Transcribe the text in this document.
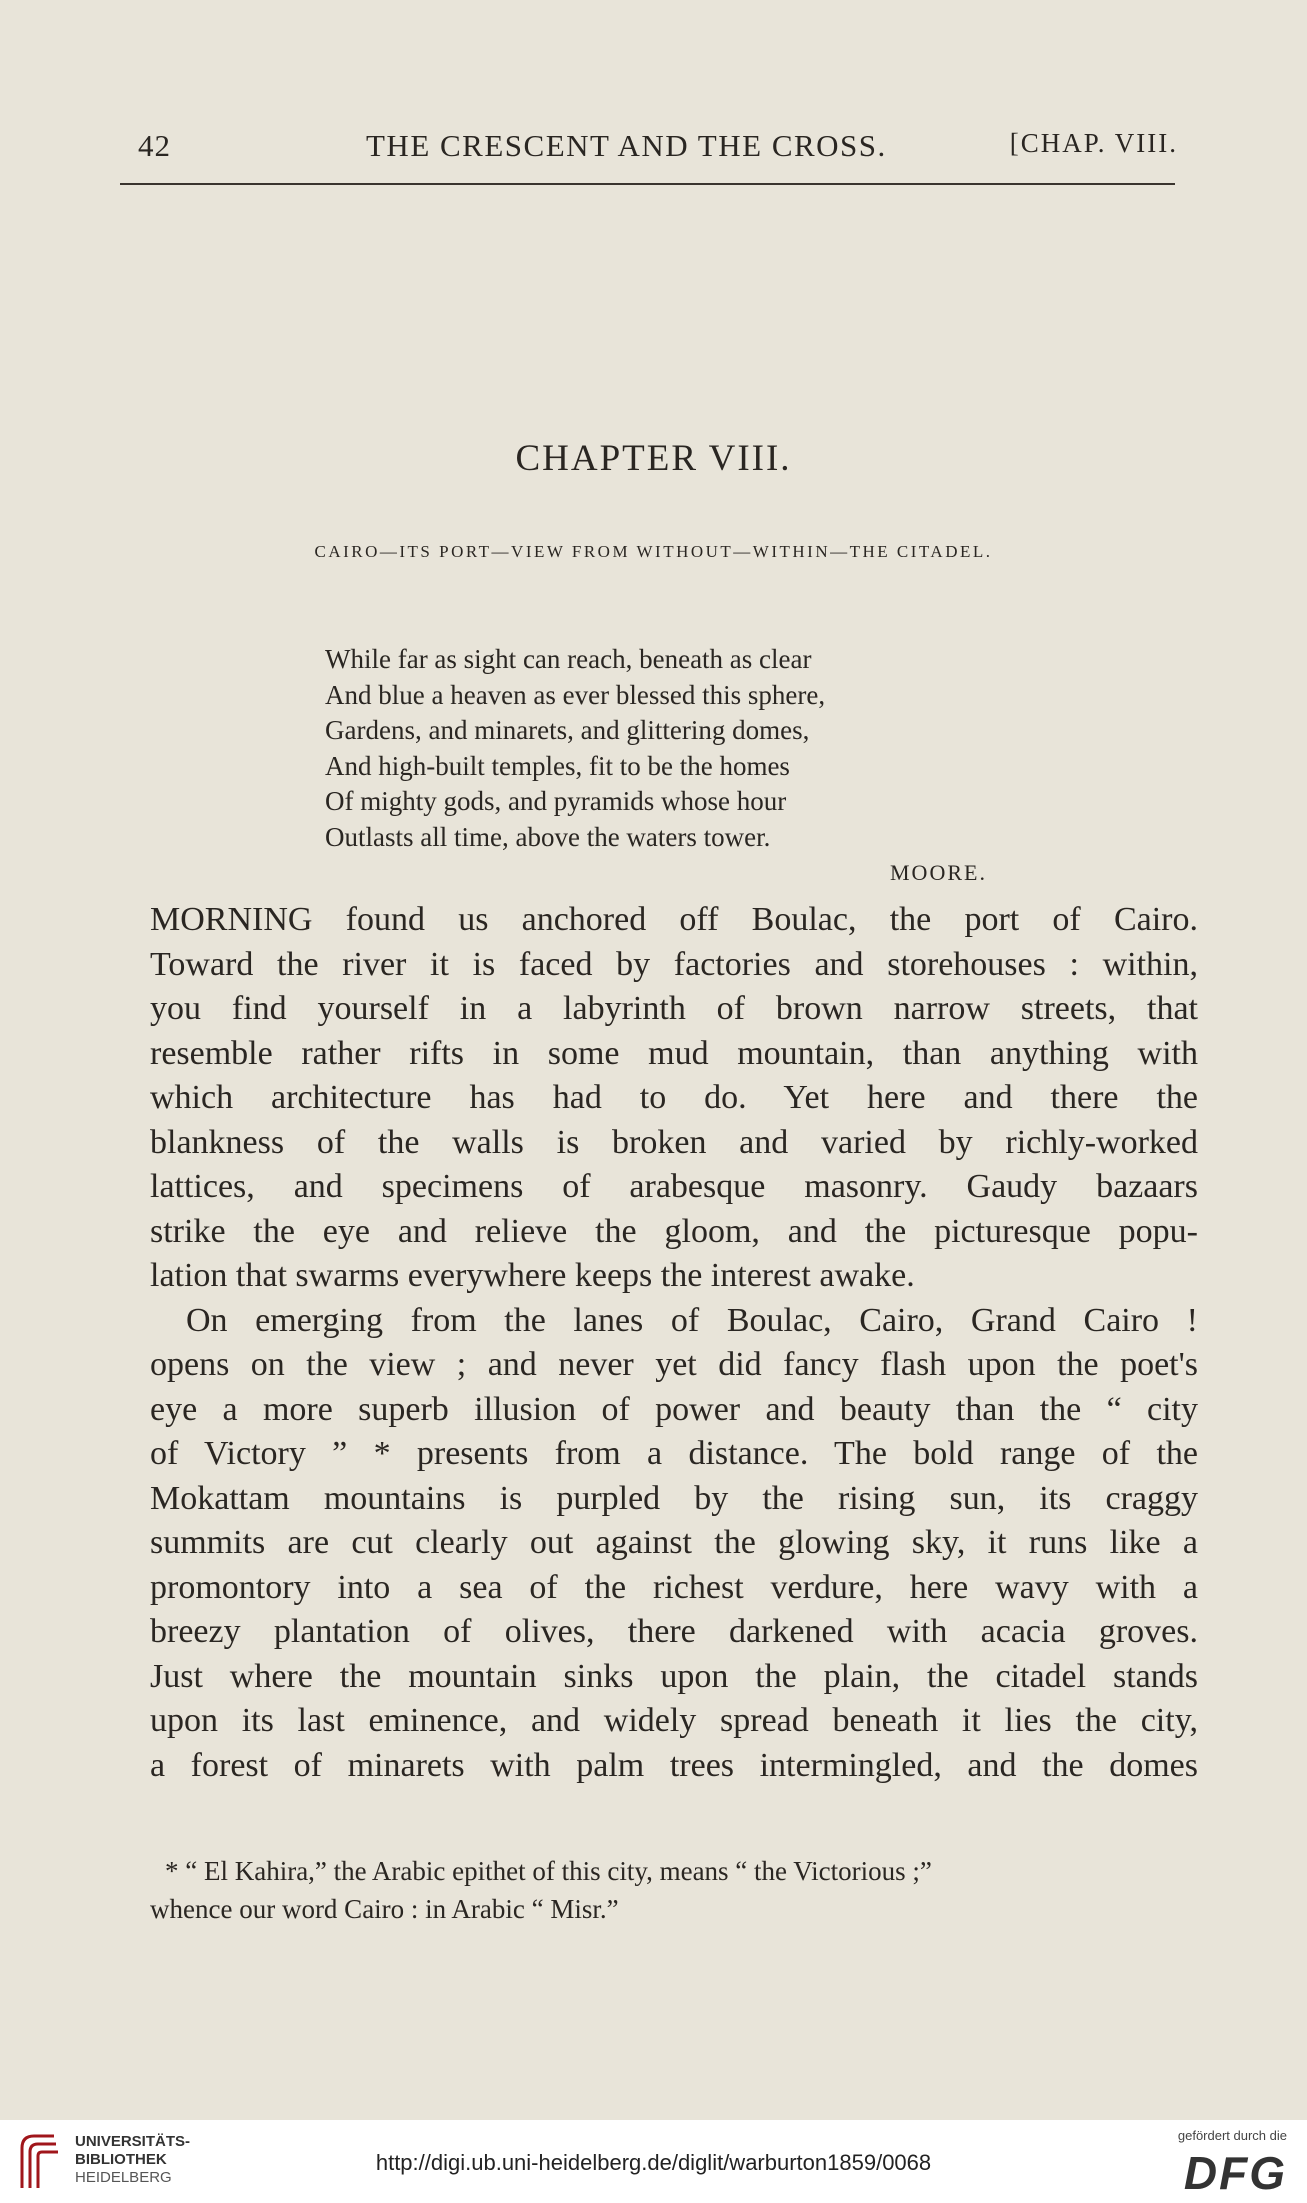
42	THE CRESCENT AND THE CROSS.	[CHAP. VIII.
CHAPTER VIII.
CAIRO—ITS PORT—VIEW FROM WITHOUT—WITHIN—THE CITADEL.
While far as sight can reach, beneath as clear
And blue a heaven as ever blessed this sphere,
Gardens, and minarets, and glittering domes,
And high-built temples, fit to be the homes
Of mighty gods, and pyramids whose hour
Outlasts all time, above the waters tower.
MOORE.
MORNING found us anchored off Boulac, the port of Cairo.
Toward the river it is faced by factories and storehouses : within,
you find yourself in a labyrinth of brown narrow streets, that
resemble rather rifts in some mud mountain, than anything with
which architecture has had to do. Yet here and there the
blankness of the walls is broken and varied by richly-worked
lattices, and specimens of arabesque masonry. Gaudy bazaars
strike the eye and relieve the gloom, and the picturesque popu-
lation that swarms everywhere keeps the interest awake.
On emerging from the lanes of Boulac, Cairo, Grand Cairo !
opens on the view ; and never yet did fancy flash upon the poet's
eye a more superb illusion of power and beauty than the “ city
of Victory ” * presents from a distance. The bold range of the
Mokattam mountains is purpled by the rising sun, its craggy
summits are cut clearly out against the glowing sky, it runs like a
promontory into a sea of the richest verdure, here wavy with a
breezy plantation of olives, there darkened with acacia groves.
Just where the mountain sinks upon the plain, the citadel stands
upon its last eminence, and widely spread beneath it lies the city,
a forest of minarets with palm trees intermingled, and the domes
* “ El Kahira,” the Arabic epithet of this city, means “ the Victorious ;”
whence our word Cairo : in Arabic “ Misr.”
UNIVERSITÄTS-
BIBLIOTHEK
HEIDELBERG
http://digi.ub.uni-heidelberg.de/diglit/warburton1859/0068
gefördert durch die
DFG
